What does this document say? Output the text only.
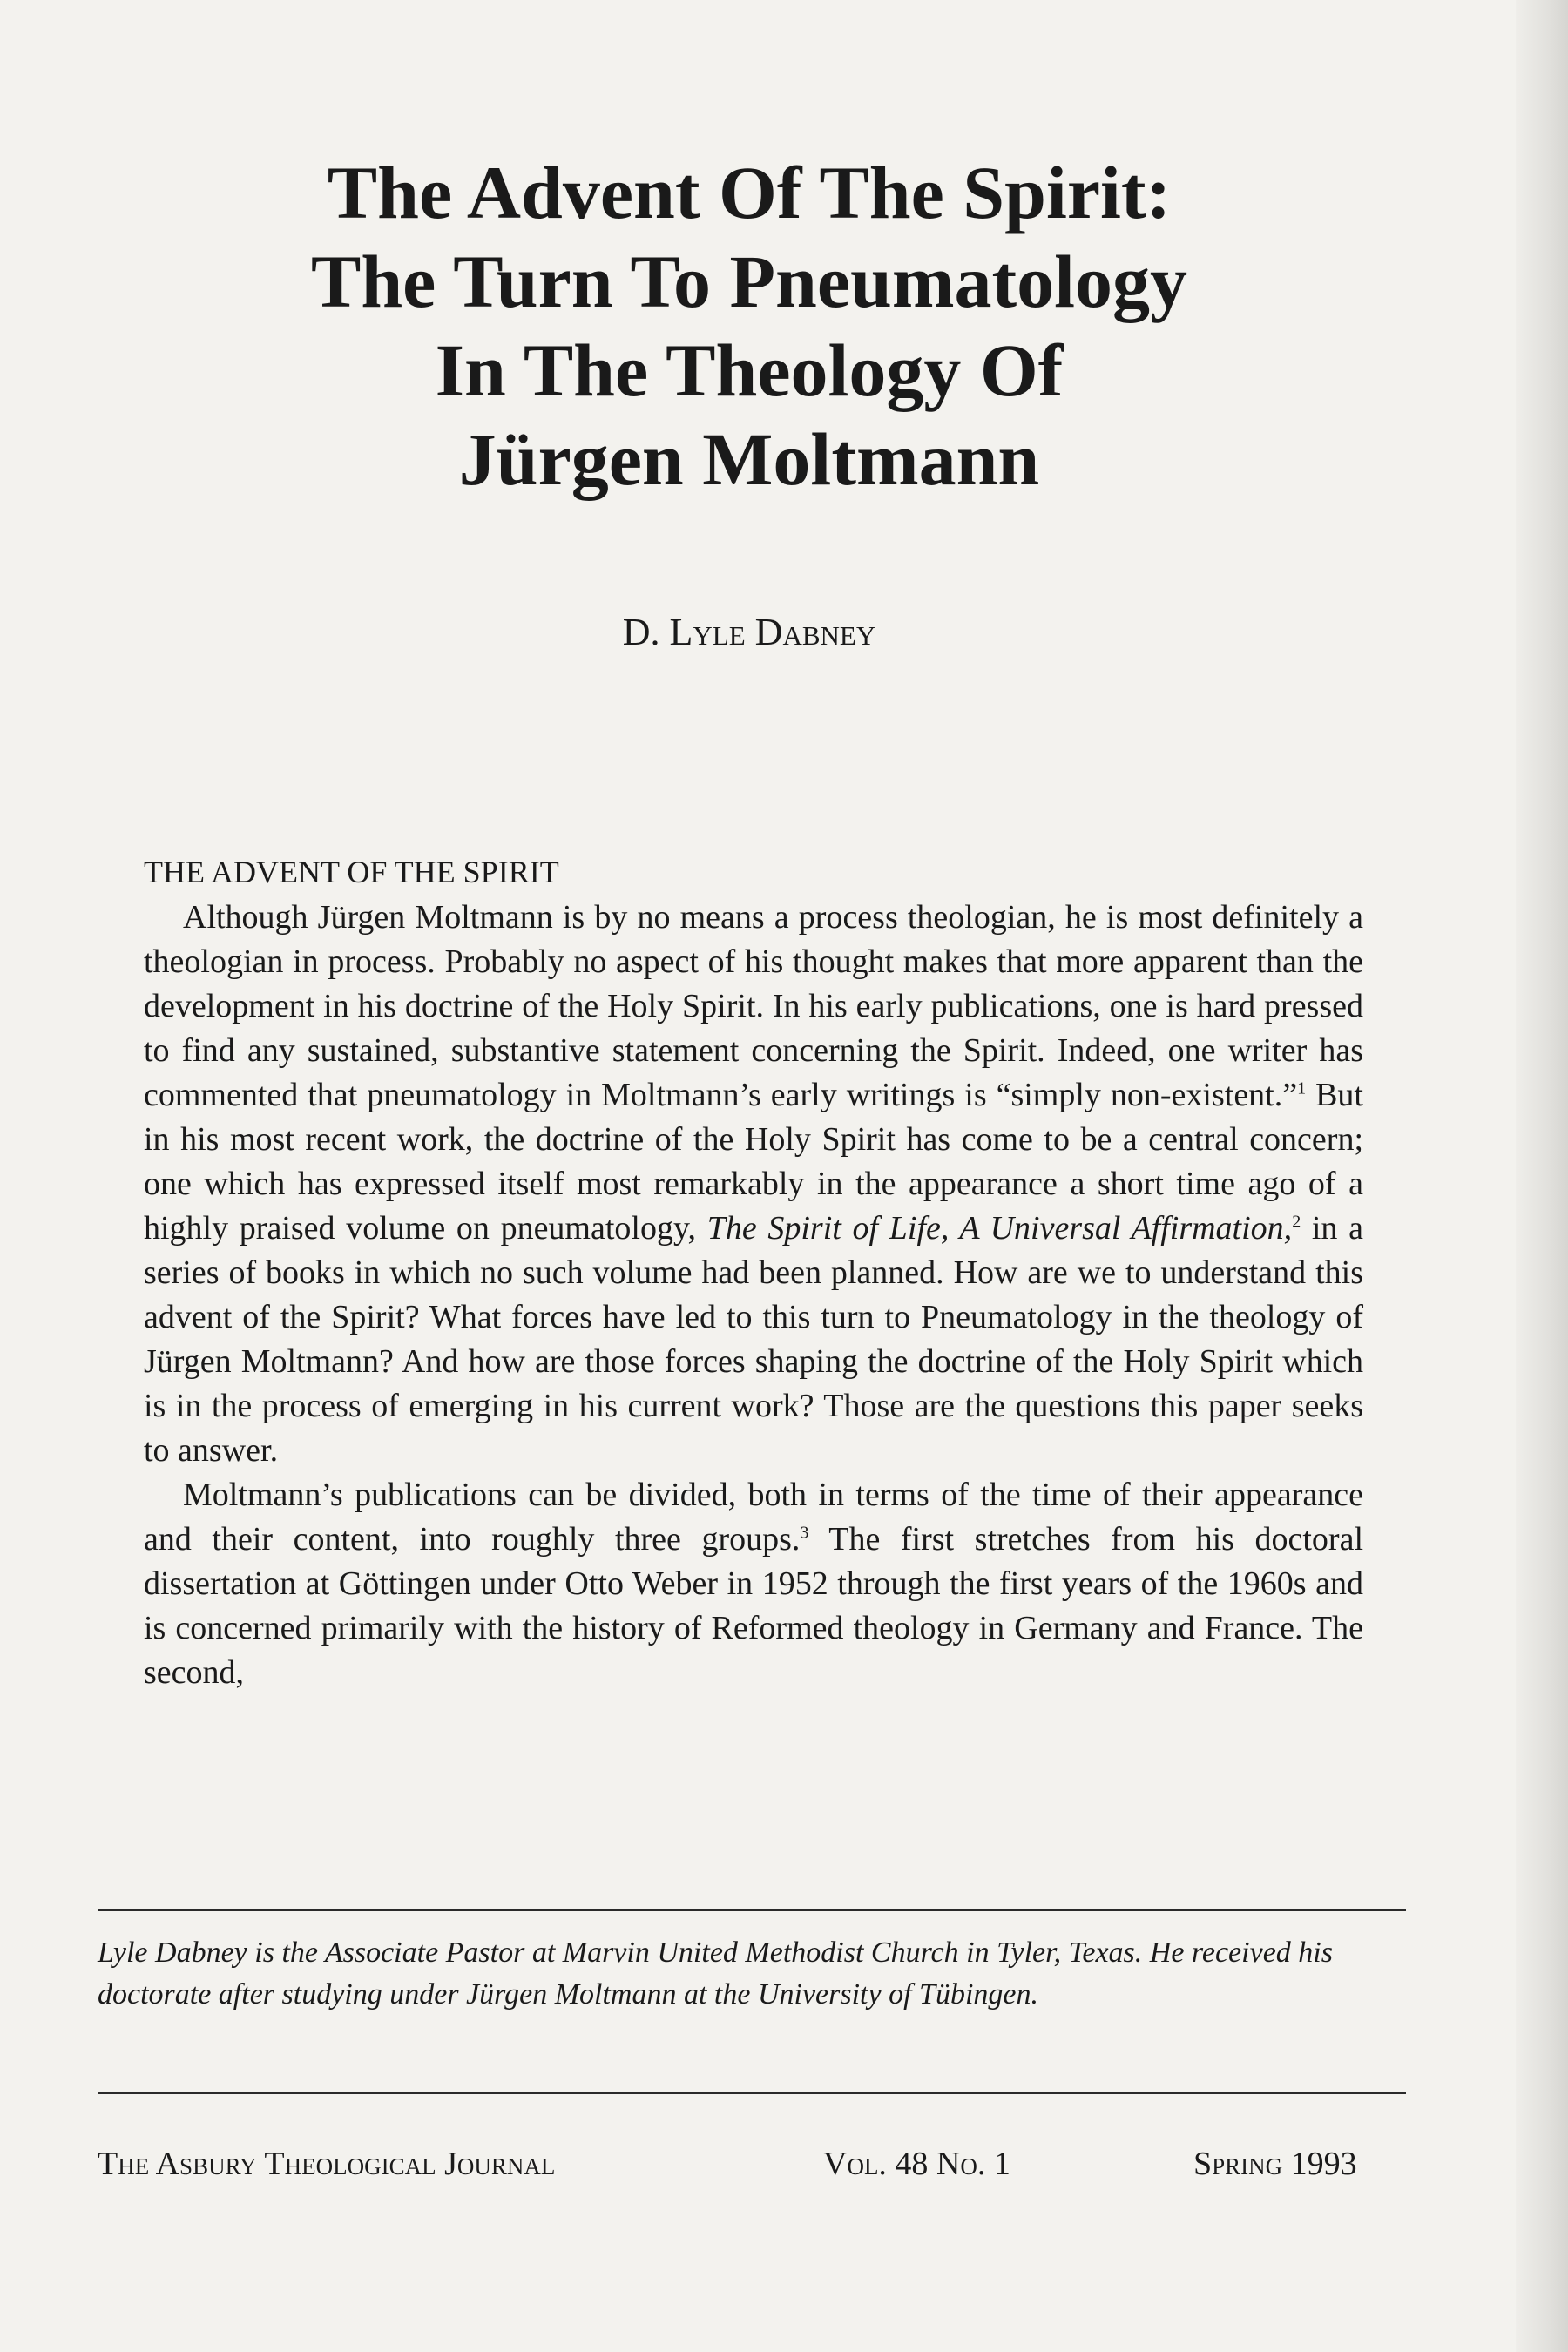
The Advent Of The Spirit:
The Turn To Pneumatology
In The Theology Of
Jürgen Moltmann
D. Lyle Dabney
THE ADVENT OF THE SPIRIT

Although Jürgen Moltmann is by no means a process theologian, he is most definitely a theologian in process. Probably no aspect of his thought makes that more apparent than the development in his doctrine of the Holy Spirit. In his early publications, one is hard pressed to find any sustained, substantive statement concerning the Spirit. Indeed, one writer has commented that pneumatology in Moltmann’s early writings is “simply non-existent.”$^1$ But in his most recent work, the doctrine of the Holy Spirit has come to be a central concern; one which has expressed itself most remarkably in the appearance a short time ago of a highly praised volume on pneumatology, The Spirit of Life, A Universal Affirmation,$^2$ in a series of books in which no such volume had been planned. How are we to understand this advent of the Spirit? What forces have led to this turn to Pneumatology in the theology of Jürgen Moltmann? And how are those forces shaping the doctrine of the Holy Spirit which is in the process of emerging in his current work? Those are the questions this paper seeks to answer.

Moltmann’s publications can be divided, both in terms of the time of their appearance and their content, into roughly three groups.$^3$ The first stretches from his doctoral dissertation at Göttingen under Otto Weber in 1952 through the first years of the 1960s and is concerned primarily with the history of Reformed theology in Germany and France. The second,

Lyle Dabney is the Associate Pastor at Marvin United Methodist Church in Tyler, Texas. He received his doctorate after studying under Jürgen Moltmann at the University of Tübingen.

The Asbury Theological Journal	Vol. 48 No. 1	Spring 1993
